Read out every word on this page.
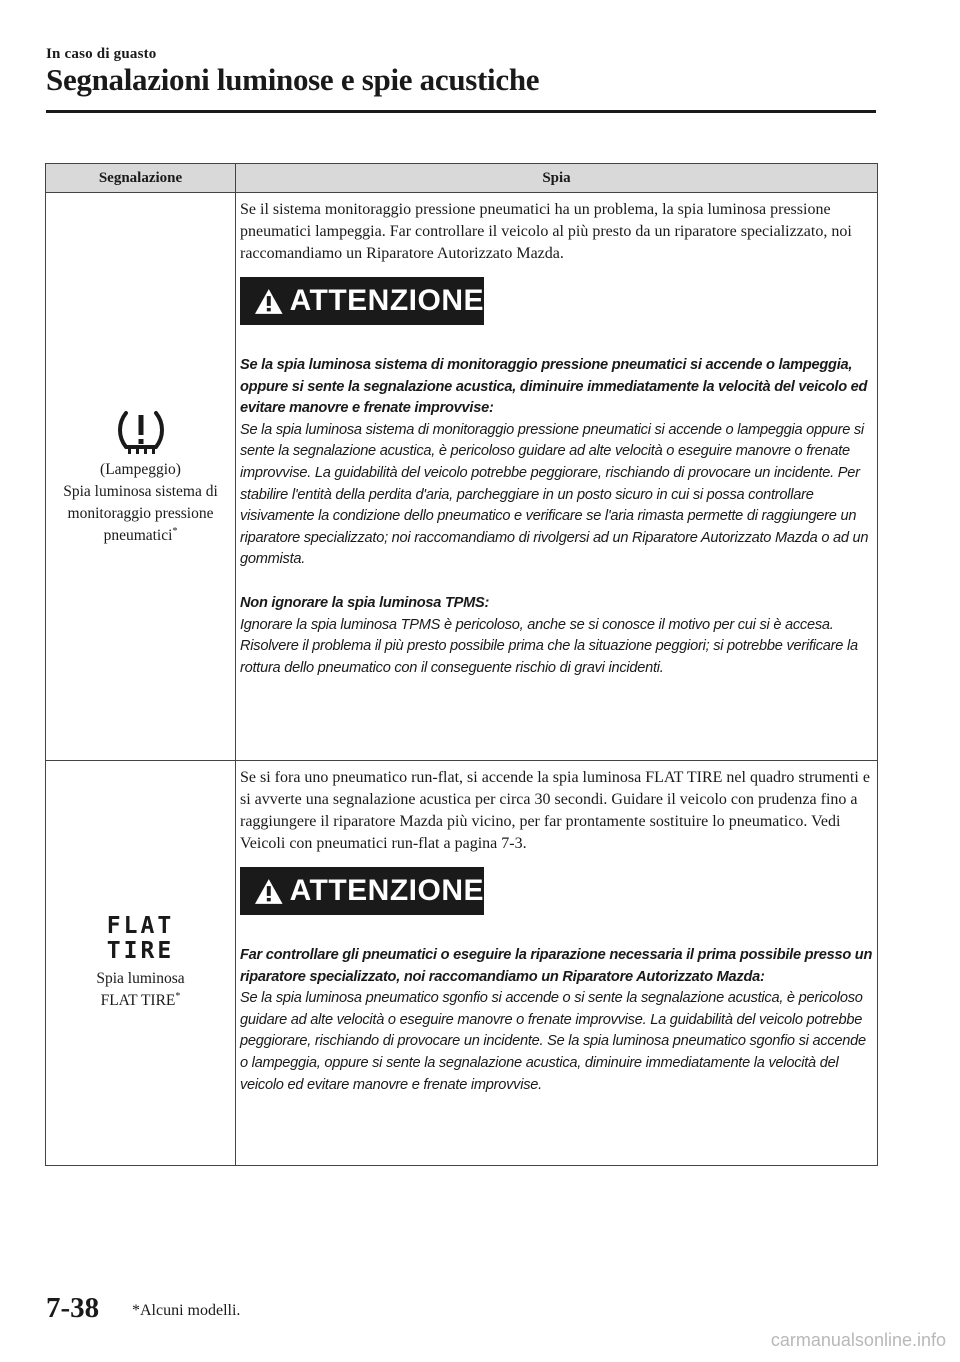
In caso di guasto
Segnalazioni luminose e spie acustiche
Segnalazione	Spia
(Lampeggio)
Spia luminosa sistema di
monitoraggio pressione
pneumatici*

Se il sistema monitoraggio pressione pneumatici ha un problema, la spia luminosa pressione pneumatici lampeggia. Far controllare il veicolo al più presto da un riparatore specializzato, noi raccomandiamo un Riparatore Autorizzato Mazda.

ATTENZIONE

Se la spia luminosa sistema di monitoraggio pressione pneumatici si accende o lampeggia, oppure si sente la segnalazione acustica, diminuire immediatamente la velocità del veicolo ed evitare manovre e frenate improvvise:

Se la spia luminosa sistema di monitoraggio pressione pneumatici si accende o lampeggia oppure si sente la segnalazione acustica, è pericoloso guidare ad alte velocità o eseguire manovre o frenate improvvise. La guidabilità del veicolo potrebbe peggiorare, rischiando di provocare un incidente. Per stabilire l'entità della perdita d'aria, parcheggiare in un posto sicuro in cui si possa controllare visivamente la condizione dello pneumatico e verificare se l'aria rimasta permette di raggiungere un riparatore specializzato; noi raccomandiamo di rivolgersi ad un Riparatore Autorizzato Mazda o ad un gommista.

Non ignorare la spia luminosa TPMS:

Ignorare la spia luminosa TPMS è pericoloso, anche se si conosce il motivo per cui si è accesa. Risolvere il problema il più presto possibile prima che la situazione peggiori; si potrebbe verificare la rottura dello pneumatico con il conseguente rischio di gravi incidenti.

FLAT
TIRE
Spia luminosa
FLAT TIRE*

Se si fora uno pneumatico run-flat, si accende la spia luminosa FLAT TIRE nel quadro strumenti e si avverte una segnalazione acustica per circa 30 secondi. Guidare il veicolo con prudenza fino a raggiungere il riparatore Mazda più vicino, per far prontamente sostituire lo pneumatico. Vedi Veicoli con pneumatici run-flat a pagina 7-3.

ATTENZIONE

Far controllare gli pneumatici o eseguire la riparazione necessaria il prima possibile presso un riparatore specializzato, noi raccomandiamo un Riparatore Autorizzato Mazda:

Se la spia luminosa pneumatico sgonfio si accende o si sente la segnalazione acustica, è pericoloso guidare ad alte velocità o eseguire manovre o frenate improvvise. La guidabilità del veicolo potrebbe peggiorare, rischiando di provocare un incidente. Se la spia luminosa pneumatico sgonfio si accende o lampeggia, oppure si sente la segnalazione acustica, diminuire immediatamente la velocità del veicolo ed evitare manovre e frenate improvvise.

7-38 *Alcuni modelli.
carmanualsonline.info
